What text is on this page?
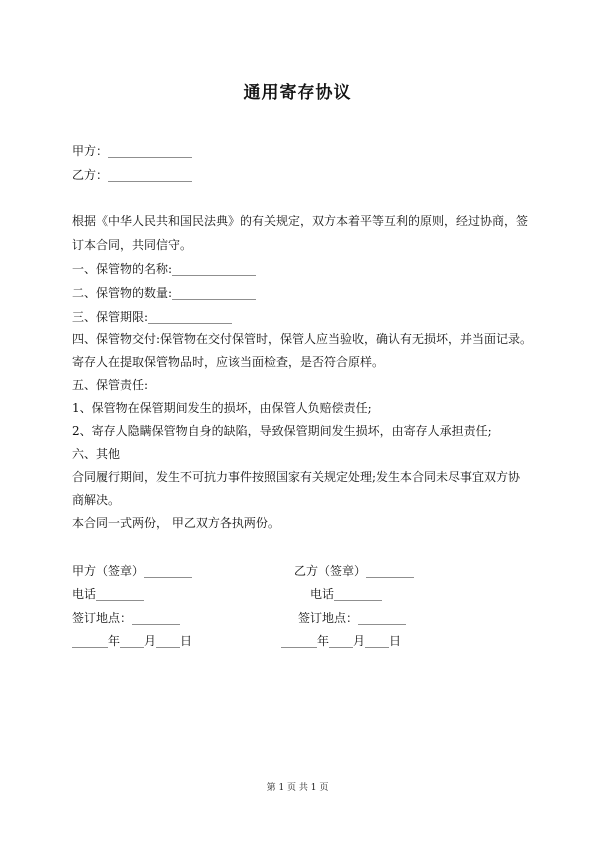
通用寄存协议
甲方：______________
乙方：______________
根据《中华人民共和国民法典》的有关规定，双方本着平等互利的原则，经过协商，签
订本合同，共同信守。
一、保管物的名称:______________
二、保管物的数量:______________
三、保管期限:______________
四、保管物交付:保管物在交付保管时，保管人应当验收，确认有无损坏，并当面记录。
寄存人在提取保管物品时，应该当面检查，是否符合原样。
五、保管责任:
1、保管物在保管期间发生的损坏，由保管人负赔偿责任;
2、寄存人隐瞒保管物自身的缺陷，导致保管期间发生损坏，由寄存人承担责任;
六、其他
合同履行期间，发生不可抗力事件按照国家有关规定处理;发生本合同未尽事宜双方协
商解决。
本合同一式两份， 甲乙双方各执两份。
甲方（签章）________
电话________
签订地点：________
______年____月____日
乙方（签章）________
电话________
签订地点：________
______年____月____日
第 1 页 共 1 页
